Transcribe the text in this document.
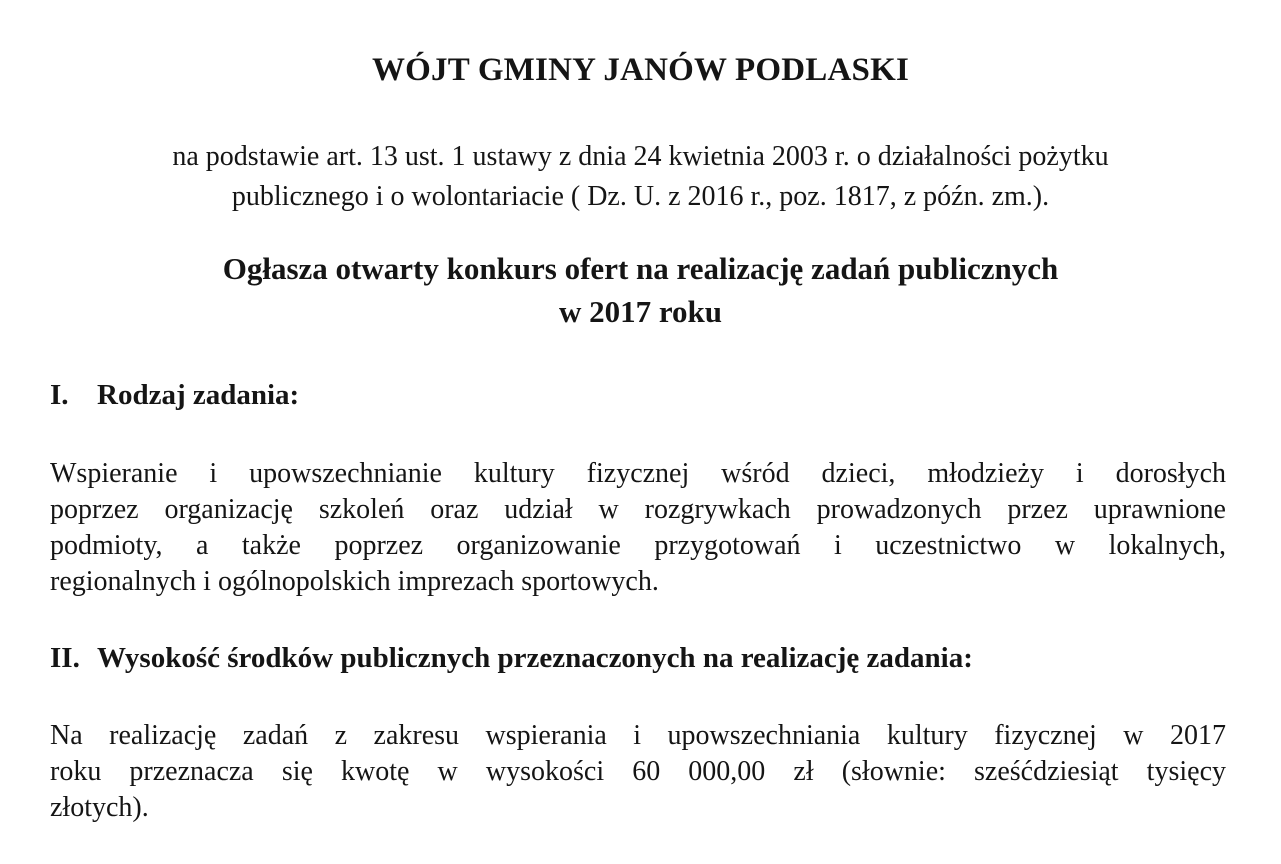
WÓJT GMINY JANÓW PODLASKI

na podstawie art. 13 ust. 1 ustawy z dnia 24 kwietnia 2003 r. o działalności pożytku
publicznego i o wolontariacie ( Dz. U. z 2016 r., poz. 1817, z późn. zm.).

Ogłasza otwarty konkurs ofert na realizację zadań publicznych
w 2017 roku
I. Rodzaj zadania:

Wspieranie i upowszechnianie kultury fizycznej wśród dzieci, młodzieży i dorosłych
poprzez organizację szkoleń oraz udział w rozgrywkach prowadzonych przez uprawnione
podmioty, a także poprzez organizowanie przygotowań i uczestnictwo w lokalnych,
regionalnych i ogólnopolskich imprezach sportowych.

II. Wysokość środków publicznych przeznaczonych na realizację zadania:

Na realizację zadań z zakresu wspierania i upowszechniania kultury fizycznej w 2017
roku przeznacza się kwotę w wysokości 60 000,00 zł (słownie: sześćdziesiąt tysięcy
złotych).
